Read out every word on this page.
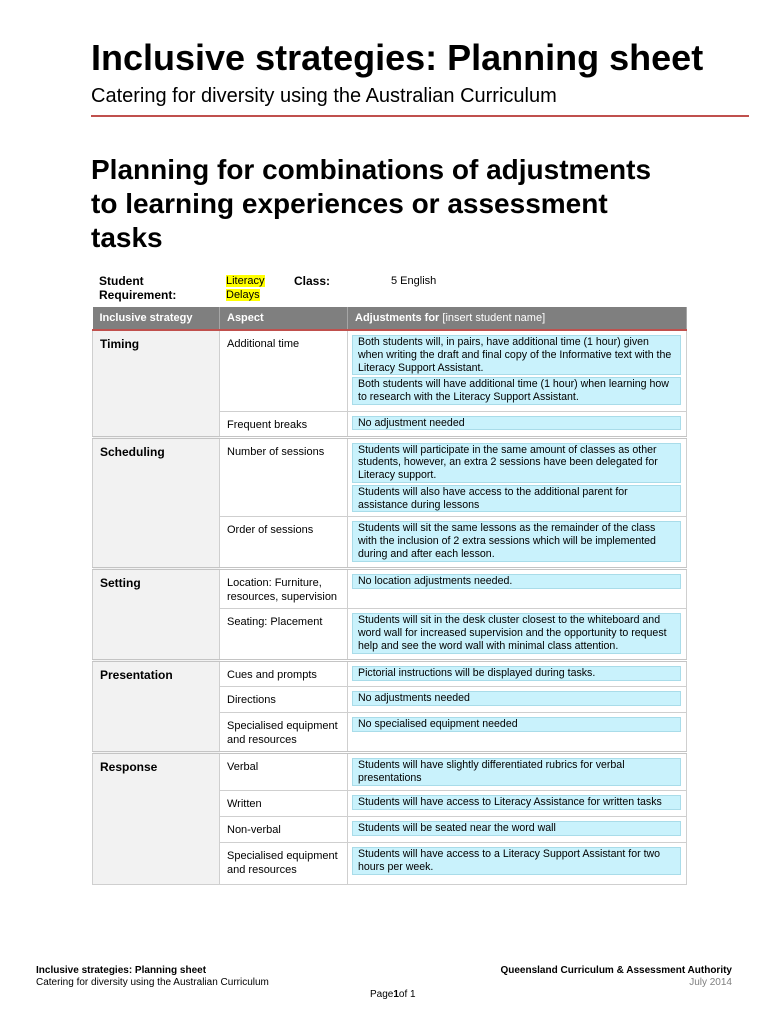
Inclusive strategies: Planning sheet
Catering for diversity using the Australian Curriculum
Planning for combinations of adjustments to learning experiences or assessment tasks
Student Requirement:
Literacy Delays
Class:	5 English
Inclusive strategy	Aspect	Adjustments for [insert student name]
Timing	Additional time	Both students will, in pairs, have additional time (1 hour) given when writing the draft and final copy of the Informative text with the Literacy Support Assistant.
Both students will have additional time (1 hour) when learning how to research with the Literacy Support Assistant.

	Frequent breaks	No adjustment needed

Scheduling	Number of sessions	Students will participate in the same amount of classes as other students, however, an extra 2 sessions have been delegated for Literacy support.
Students will also have access to the additional parent for assistance during lessons

	Order of sessions	Students will sit the same lessons as the remainder of the class with the inclusion of 2 extra sessions which will be implemented during and after each lesson.

Setting	Location: Furniture, resources, supervision	No location adjustments needed.

	Seating: Placement	Students will sit in the desk cluster closest to the whiteboard and word wall for increased supervision and the opportunity to request help and see the word wall with minimal class attention.

Presentation	Cues and prompts	Pictorial instructions will be displayed during tasks.

	Directions	No adjustments needed

	Specialised equipment and resources	No specialised equipment needed

Response	Verbal	Students will have slightly differentiated rubrics for verbal presentations

	Written	Students will have access to Literacy Assistance for written tasks

	Non-verbal	Students will be seated near the word wall

	Specialised equipment and resources	Students will have access to a Literacy Support Assistant for two hours per week.
Inclusive strategies: Planning sheet
Catering for diversity using the Australian Curriculum
Queensland Curriculum & Assessment Authority
July 2014
Page1of 1
